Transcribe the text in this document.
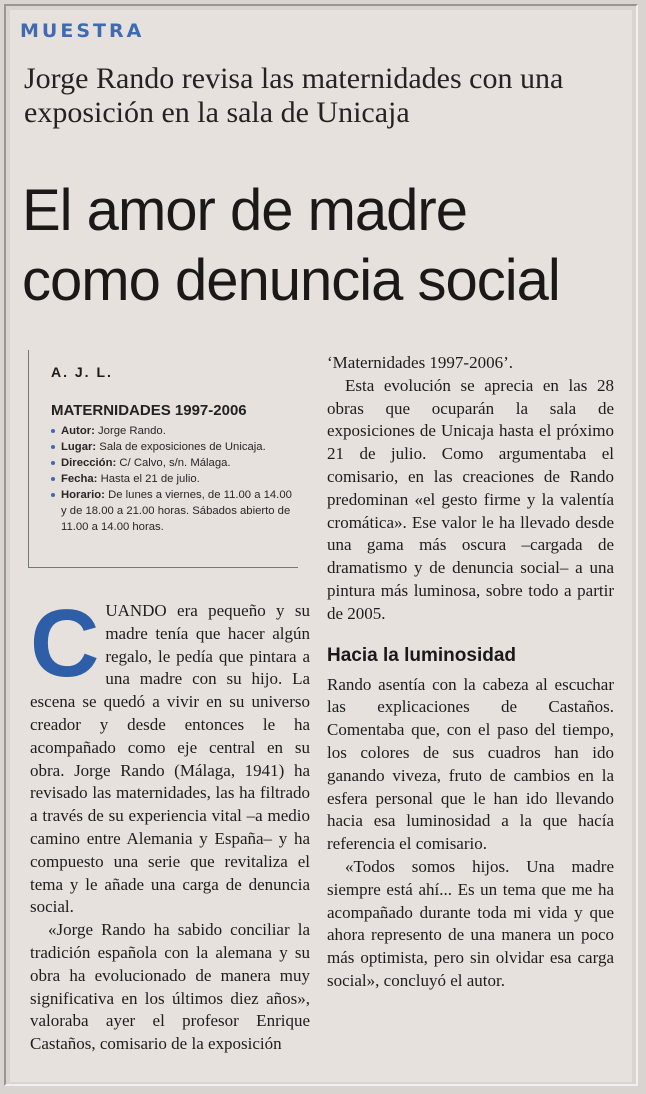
MUESTRA
Jorge Rando revisa las maternidades con una exposición en la sala de Unicaja
El amor de madre
como denuncia social
A. J. L.
MATERNIDADES 1997-2006
Autor: Jorge Rando.
Lugar: Sala de exposiciones de Unicaja.
Dirección: C/ Calvo, s/n. Málaga.
Fecha: Hasta el 21 de julio.
Horario: De lunes a viernes, de 11.00 a 14.00 y de 18.00 a 21.00 horas. Sábados abierto de 11.00 a 14.00 horas.

CUANDO era pequeño y su madre tenía que hacer algún regalo, le pedía que pintara a una madre con su hijo. La escena se quedó a vivir en su universo creador y desde entonces le ha acompañado como eje central en su obra. Jorge Rando (Málaga, 1941) ha revisado las maternidades, las ha filtrado a través de su experiencia vital –a medio camino entre Alemania y España– y ha compuesto una serie que revitaliza el tema y le añade una carga de denuncia social.

«Jorge Rando ha sabido conciliar la tradición española con la alemana y su obra ha evolucionado de manera muy significativa en los últimos diez años», valoraba ayer el profesor Enrique Castaños, comisario de la exposición

‘Maternidades 1997-2006’.

Esta evolución se aprecia en las 28 obras que ocuparán la sala de exposiciones de Unicaja hasta el próximo 21 de julio. Como argumentaba el comisario, en las creaciones de Rando predominan «el gesto firme y la valentía cromática». Ese valor le ha llevado desde una gama más oscura –cargada de dramatismo y de denuncia social– a una pintura más luminosa, sobre todo a partir de 2005.

Hacia la luminosidad

Rando asentía con la cabeza al escuchar las explicaciones de Castaños. Comentaba que, con el paso del tiempo, los colores de sus cuadros han ido ganando viveza, fruto de cambios en la esfera personal que le han ido llevando hacia esa luminosidad a la que hacía referencia el comisario.

«Todos somos hijos. Una madre siempre está ahí... Es un tema que me ha acompañado durante toda mi vida y que ahora represento de una manera un poco más optimista, pero sin olvidar esa carga social», concluyó el autor.
